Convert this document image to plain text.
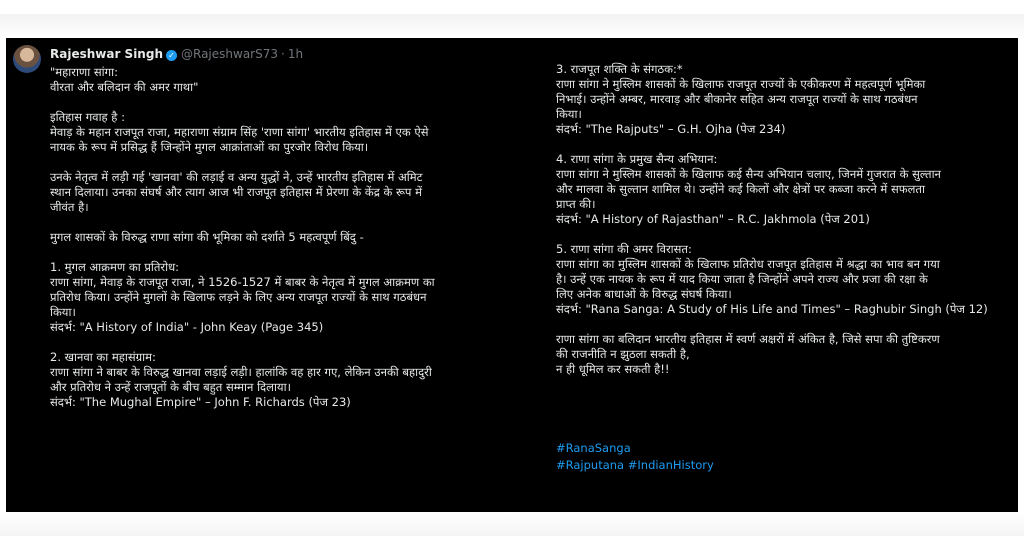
Rajeshwar Singh ✓ @RajeshwarS73 · 1h
"महाराणा सांगा:
वीरता और बलिदान की अमर गाथा"

इतिहास गवाह है :
मेवाड़ के महान राजपूत राजा, महाराणा संग्राम सिंह 'राणा सांगा' भारतीय इतिहास में एक ऐसे
नायक के रूप में प्रसिद्ध हैं जिन्होंने मुगल आक्रांताओं का पुरजोर विरोध किया।

उनके नेतृत्व में लड़ी गई 'खानवा' की लड़ाई व अन्य युद्धों ने, उन्हें भारतीय इतिहास में अमिट
स्थान दिलाया। उनका संघर्ष और त्याग आज भी राजपूत इतिहास में प्रेरणा के केंद्र के रूप में
जीवंत है।

मुगल शासकों के विरुद्ध राणा सांगा की भूमिका को दर्शाते 5 महत्वपूर्ण बिंदु -

1. मुगल आक्रमण का प्रतिरोध:
राणा सांगा, मेवाड़ के राजपूत राजा, ने 1526-1527 में बाबर के नेतृत्व में मुगल आक्रमण का
प्रतिरोध किया। उन्होंने मुगलों के खिलाफ लड़ने के लिए अन्य राजपूत राज्यों के साथ गठबंधन
किया।
संदर्भ: "A History of India" - John Keay (Page 345)

2. खानवा का महासंग्राम:
राणा सांगा ने बाबर के विरुद्ध खानवा लड़ाई लड़ी। हालांकि वह हार गए, लेकिन उनकी बहादुरी
और प्रतिरोध ने उन्हें राजपूतों के बीच बहुत सम्मान दिलाया।
संदर्भ: "The Mughal Empire" – John F. Richards (पेज 23)
3. राजपूत शक्ति के संगठक:*
राणा सांगा ने मुस्लिम शासकों के खिलाफ राजपूत राज्यों के एकीकरण में महत्वपूर्ण भूमिका
निभाई। उन्होंने अम्बर, मारवाड़ और बीकानेर सहित अन्य राजपूत राज्यों के साथ गठबंधन
किया।
संदर्भ: "The Rajputs" – G.H. Ojha (पेज 234)

4. राणा सांगा के प्रमुख सैन्य अभियान:
राणा सांगा ने मुस्लिम शासकों के खिलाफ कई सैन्य अभियान चलाए, जिनमें गुजरात के सुल्तान
और मालवा के सुल्तान शामिल थे। उन्होंने कई किलों और क्षेत्रों पर कब्जा करने में सफलता
प्राप्त की।
संदर्भ: "A History of Rajasthan" – R.C. Jakhmola (पेज 201)

5. राणा सांगा की अमर विरासत:
राणा सांगा का मुस्लिम शासकों के खिलाफ प्रतिरोध राजपूत इतिहास में श्रद्धा का भाव बन गया
है। उन्हें एक नायक के रूप में याद किया जाता है जिन्होंने अपने राज्य और प्रजा की रक्षा के
लिए अनेक बाधाओं के विरुद्ध संघर्ष किया।
संदर्भ: "Rana Sanga: A Study of His Life and Times" – Raghubir Singh (पेज 12)

राणा सांगा का बलिदान भारतीय इतिहास में स्वर्ण अक्षरों में अंकित है, जिसे सपा की तुष्टिकरण
की राजनीति न झुठला सकती है,
न ही धूमिल कर सकती है!!
#RanaSanga
#Rajputana #IndianHistory
